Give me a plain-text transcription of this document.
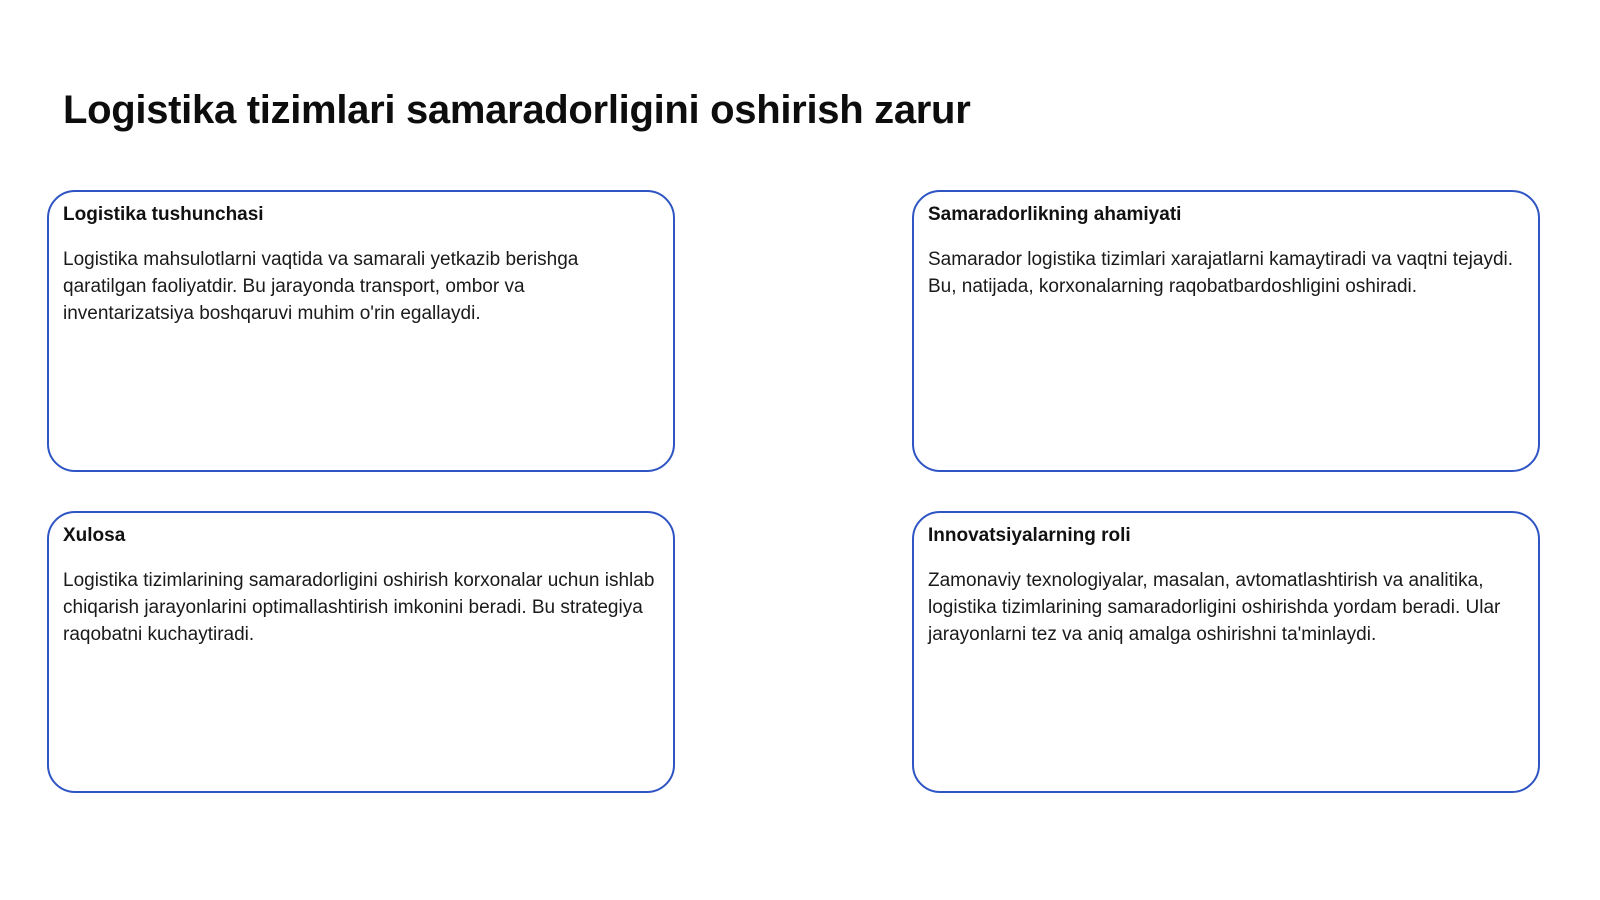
Logistika tizimlari samaradorligini oshirish zarur

Logistika tushunchasi

Logistika mahsulotlarni vaqtida va samarali yetkazib berishga qaratilgan faoliyatdir. Bu jarayonda transport, ombor va inventarizatsiya boshqaruvi muhim o'rin egallaydi.

Samaradorlikning ahamiyati

Samarador logistika tizimlari xarajatlarni kamaytiradi va vaqtni tejaydi. Bu, natijada, korxonalarning raqobatbardoshligini oshiradi.

Xulosa

Logistika tizimlarining samaradorligini oshirish korxonalar uchun ishlab chiqarish jarayonlarini optimallashtirish imkonini beradi. Bu strategiya raqobatni kuchaytiradi.

Innovatsiyalarning roli

Zamonaviy texnologiyalar, masalan, avtomatlashtirish va analitika, logistika tizimlarining samaradorligini oshirishda yordam beradi. Ular jarayonlarni tez va aniq amalga oshirishni ta'minlaydi.
